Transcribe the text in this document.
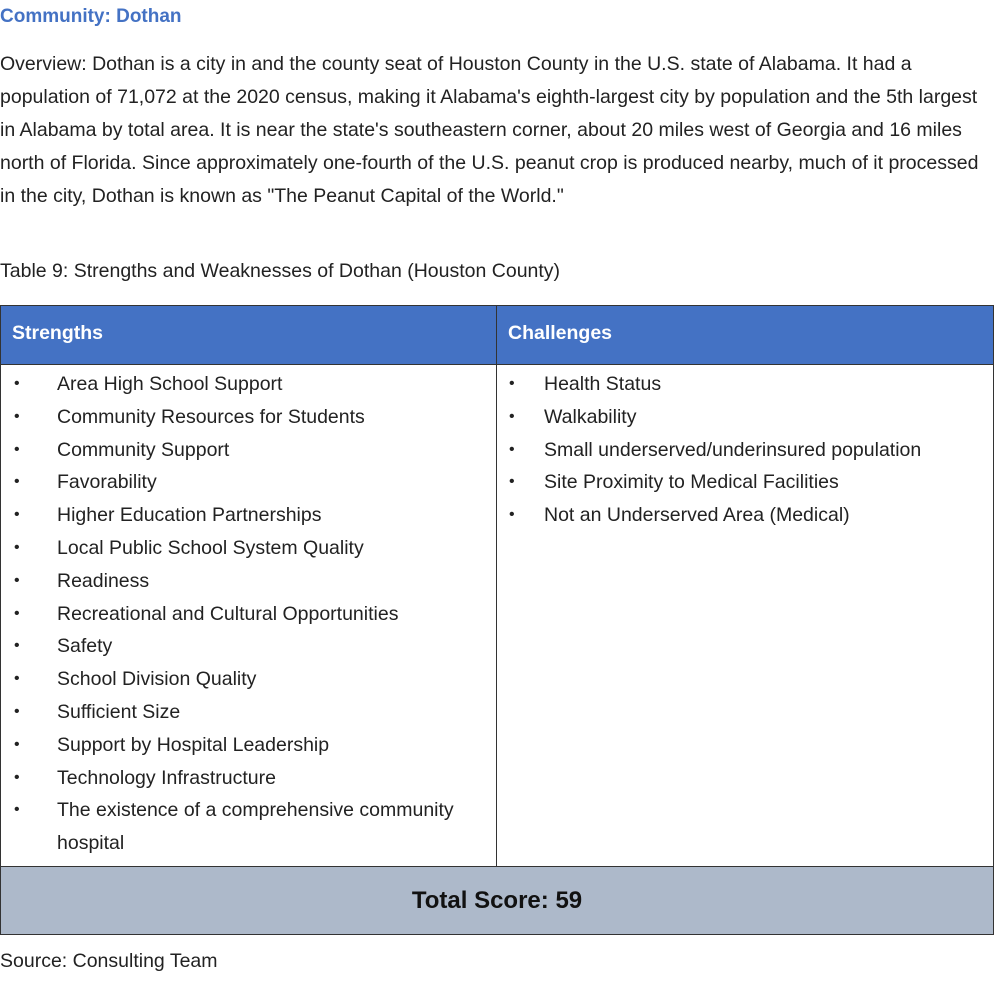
Community: Dothan
Overview: Dothan is a city in and the county seat of Houston County in the U.S. state of Alabama. It had a population of 71,072 at the 2020 census, making it Alabama's eighth-largest city by population and the 5th largest in Alabama by total area. It is near the state's southeastern corner, about 20 miles west of Georgia and 16 miles north of Florida. Since approximately one-fourth of the U.S. peanut crop is produced nearby, much of it processed in the city, Dothan is known as "The Peanut Capital of the World."
Table 9: Strengths and Weaknesses of Dothan (Houston County)
Strengths	Challenges
• Area High School Support
• Community Resources for Students
• Community Support
• Favorability
• Higher Education Partnerships
• Local Public School System Quality
• Readiness
• Recreational and Cultural Opportunities
• Safety
• School Division Quality
• Sufficient Size
• Support by Hospital Leadership
• Technology Infrastructure
• The existence of a comprehensive community hospital
• Health Status
• Walkability
• Small underserved/underinsured population
• Site Proximity to Medical Facilities
• Not an Underserved Area (Medical)
Total Score: 59
Source: Consulting Team
